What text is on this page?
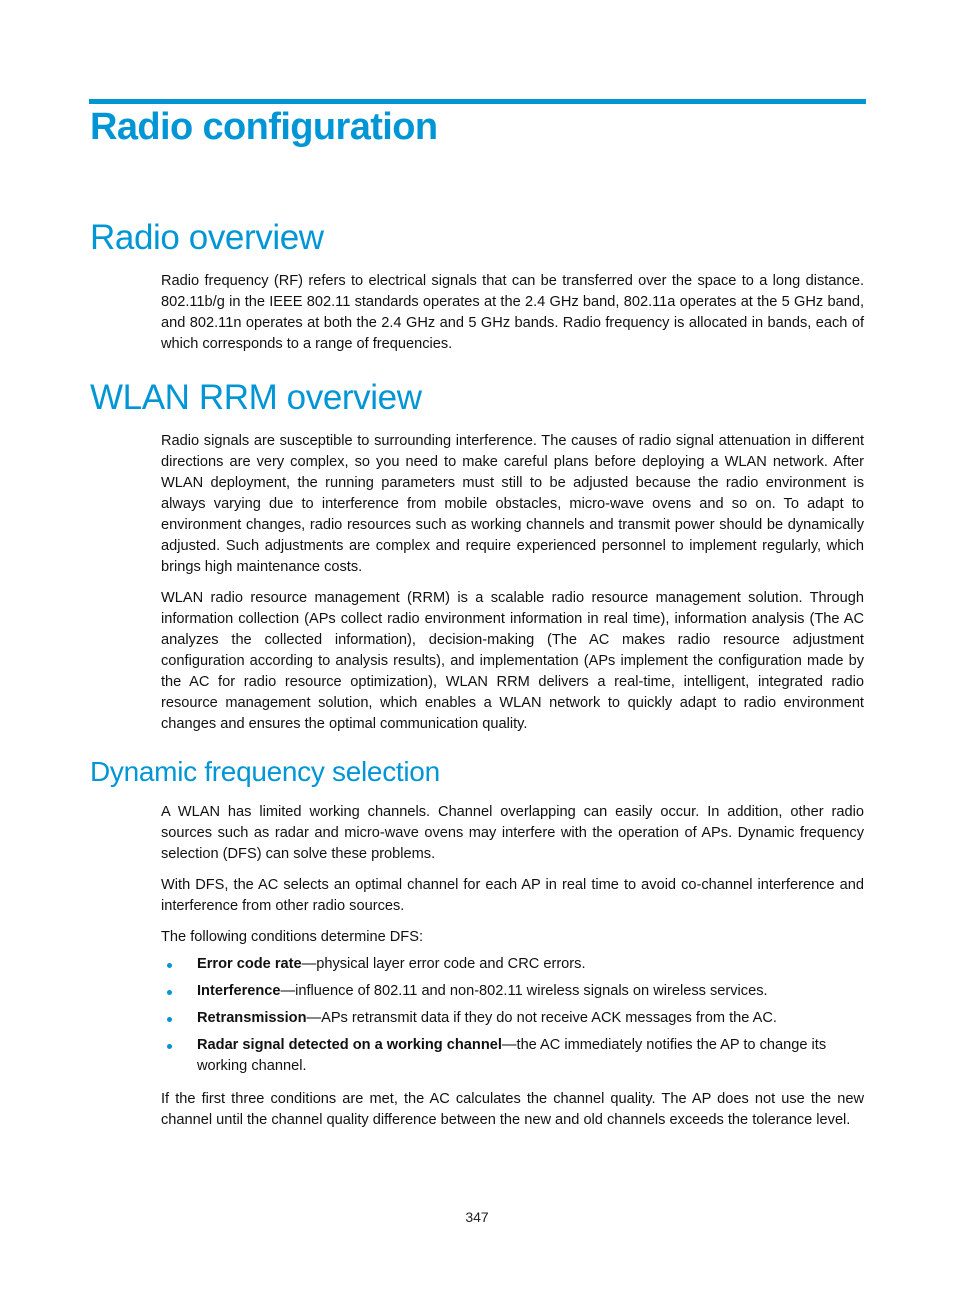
Radio configuration
Radio overview

Radio frequency (RF) refers to electrical signals that can be transferred over the space to a long distance. 802.11b/g in the IEEE 802.11 standards operates at the 2.4 GHz band, 802.11a operates at the 5 GHz band, and 802.11n operates at both the 2.4 GHz and 5 GHz bands. Radio frequency is allocated in bands, each of which corresponds to a range of frequencies.

WLAN RRM overview

Radio signals are susceptible to surrounding interference. The causes of radio signal attenuation in different directions are very complex, so you need to make careful plans before deploying a WLAN network. After WLAN deployment, the running parameters must still to be adjusted because the radio environment is always varying due to interference from mobile obstacles, micro-wave ovens and so on. To adapt to environment changes, radio resources such as working channels and transmit power should be dynamically adjusted. Such adjustments are complex and require experienced personnel to implement regularly, which brings high maintenance costs.

WLAN radio resource management (RRM) is a scalable radio resource management solution. Through information collection (APs collect radio environment information in real time), information analysis (The AC analyzes the collected information), decision-making (The AC makes radio resource adjustment configuration according to analysis results), and implementation (APs implement the configuration made by the AC for radio resource optimization), WLAN RRM delivers a real-time, intelligent, integrated radio resource management solution, which enables a WLAN network to quickly adapt to radio environment changes and ensures the optimal communication quality.

Dynamic frequency selection

A WLAN has limited working channels. Channel overlapping can easily occur. In addition, other radio sources such as radar and micro-wave ovens may interfere with the operation of APs. Dynamic frequency selection (DFS) can solve these problems.

With DFS, the AC selects an optimal channel for each AP in real time to avoid co-channel interference and interference from other radio sources.

The following conditions determine DFS:

Error code rate—physical layer error code and CRC errors.
Interference—influence of 802.11 and non-802.11 wireless signals on wireless services.
Retransmission—APs retransmit data if they do not receive ACK messages from the AC.
Radar signal detected on a working channel—the AC immediately notifies the AP to change its working channel.

If the first three conditions are met, the AC calculates the channel quality. The AP does not use the new channel until the channel quality difference between the new and old channels exceeds the tolerance level.

347
